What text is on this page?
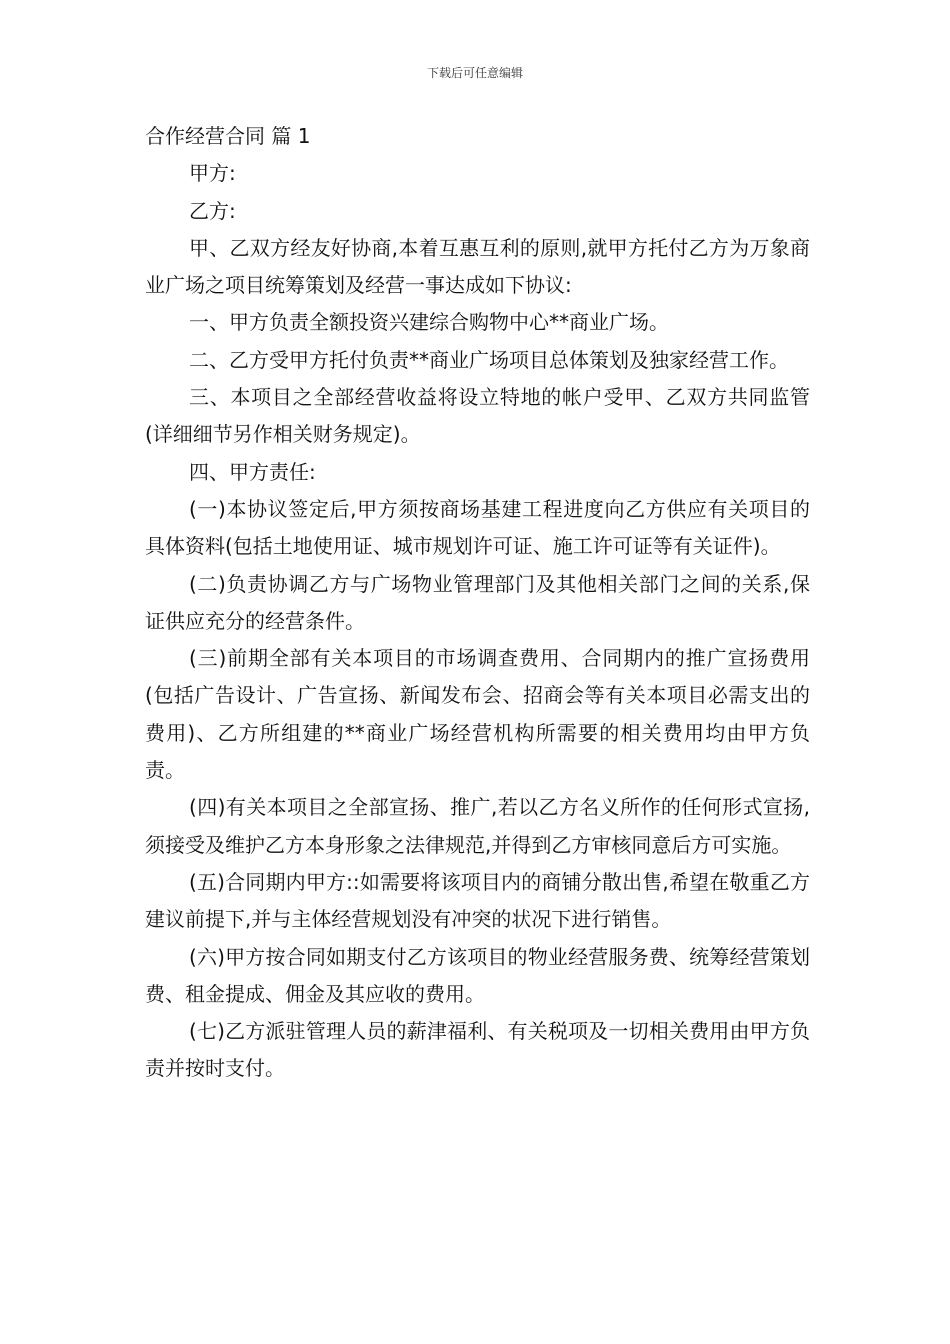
下载后可任意编辑

合作经营合同 篇 1

甲方:

乙方:

甲、乙双方经友好协商,本着互惠互利的原则,就甲方托付乙方为万象商业广场之项目统筹策划及经营一事达成如下协议:

一、甲方负责全额投资兴建综合购物中心**商业广场。

二、乙方受甲方托付负责**商业广场项目总体策划及独家经营工作。

三、本项目之全部经营收益将设立特地的帐户受甲、乙双方共同监管(详细细节另作相关财务规定)。

四、甲方责任:

(一)本协议签定后,甲方须按商场基建工程进度向乙方供应有关项目的具体资料(包括土地使用证、城市规划许可证、施工许可证等有关证件)。

(二)负责协调乙方与广场物业管理部门及其他相关部门之间的关系,保证供应充分的经营条件。

(三)前期全部有关本项目的市场调查费用、合同期内的推广宣扬费用(包括广告设计、广告宣扬、新闻发布会、招商会等有关本项目必需支出的费用)、乙方所组建的**商业广场经营机构所需要的相关费用均由甲方负责。

(四)有关本项目之全部宣扬、推广,若以乙方名义所作的任何形式宣扬,须接受及维护乙方本身形象之法律规范,并得到乙方审核同意后方可实施。

(五)合同期内甲方::如需要将该项目内的商铺分散出售,希望在敬重乙方建议前提下,并与主体经营规划没有冲突的状况下进行销售。

(六)甲方按合同如期支付乙方该项目的物业经营服务费、统筹经营策划费、租金提成、佣金及其应收的费用。

(七)乙方派驻管理人员的薪津福利、有关税项及一切相关费用由甲方负责并按时支付。
